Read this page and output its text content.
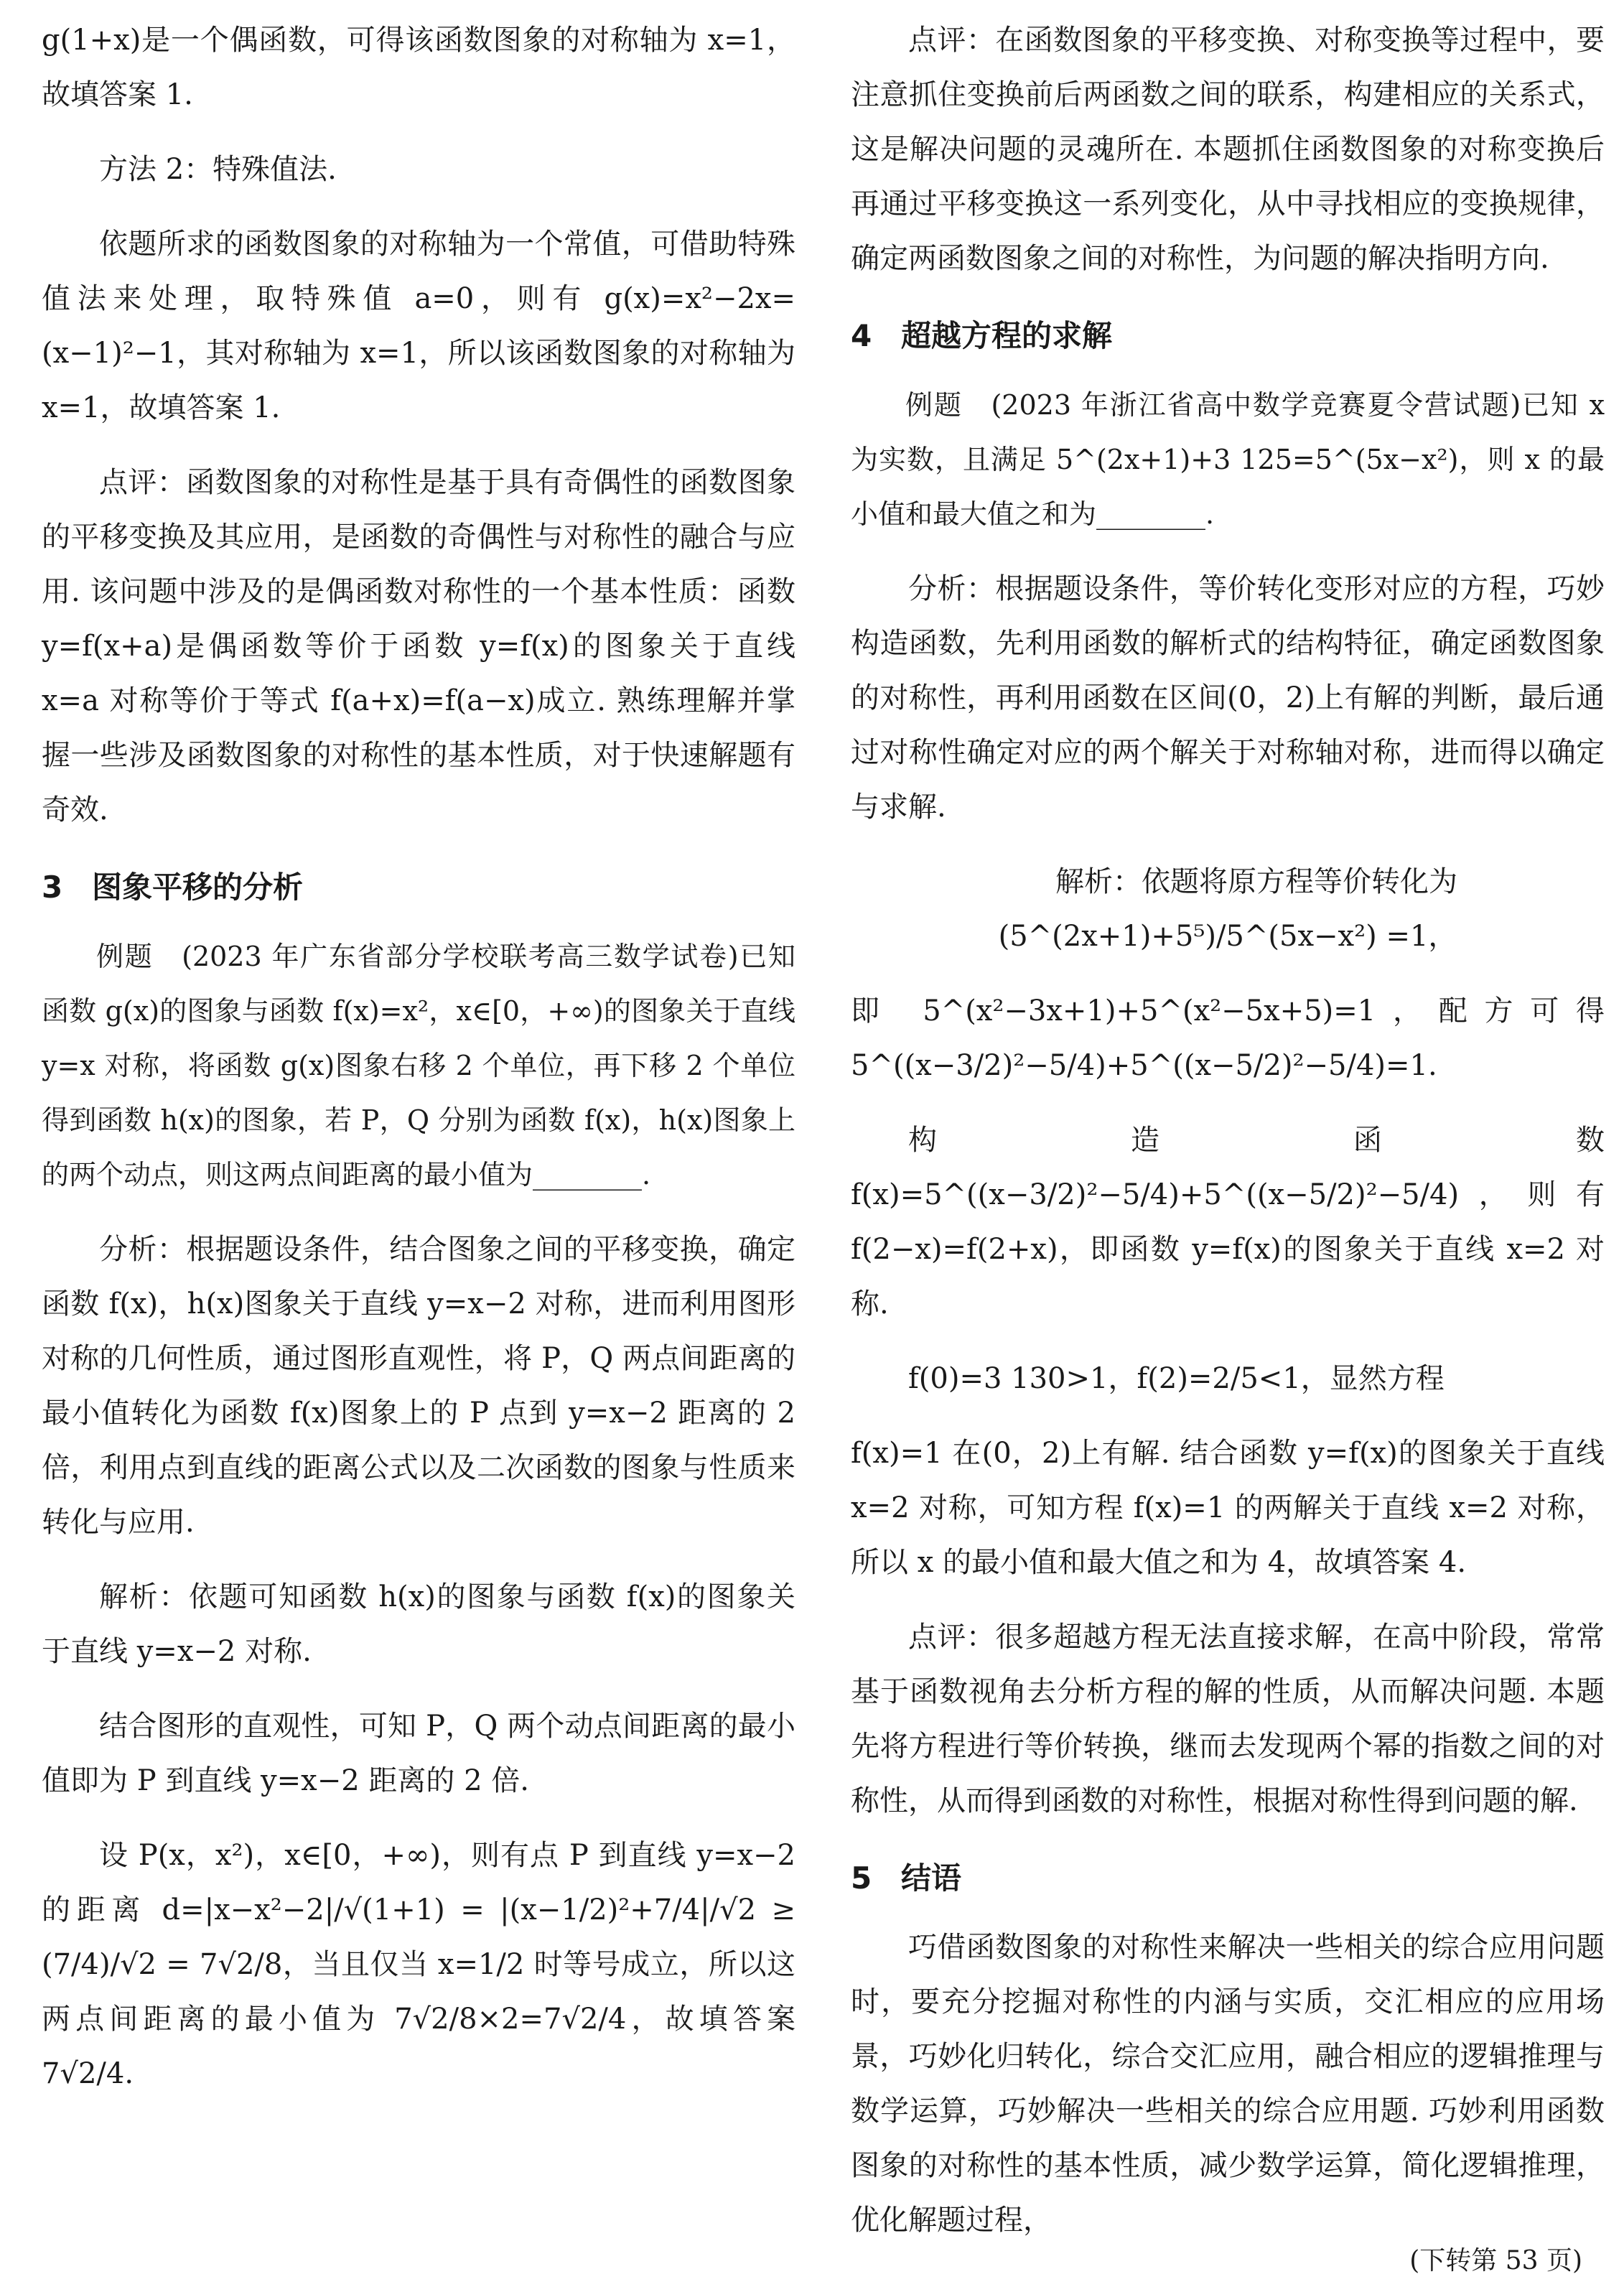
g(1+x)是一个偶函数，可得该函数图象的对称轴为 x=1，故填答案 1.

方法 2：特殊值法.

依题所求的函数图象的对称轴为一个常值，可借助特殊值法来处理，取特殊值 a=0，则有 g(x)=x²−2x=(x−1)²−1，其对称轴为 x=1，所以该函数图象的对称轴为 x=1，故填答案 1.

点评：函数图象的对称性是基于具有奇偶性的函数图象的平移变换及其应用，是函数的奇偶性与对称性的融合与应用. 该问题中涉及的是偶函数对称性的一个基本性质：函数 y=f(x+a)是偶函数等价于函数 y=f(x)的图象关于直线 x=a 对称等价于等式 f(a+x)=f(a−x)成立. 熟练理解并掌握一些涉及函数图象的对称性的基本性质，对于快速解题有奇效.

3 图象平移的分析

例题　(2023 年广东省部分学校联考高三数学试卷)已知函数 g(x)的图象与函数 f(x)=x²，x∈[0，+∞)的图象关于直线 y=x 对称，将函数 g(x)图象右移 2 个单位，再下移 2 个单位得到函数 h(x)的图象，若 P，Q 分别为函数 f(x)，h(x)图象上的两个动点，则这两点间距离的最小值为________.

分析：根据题设条件，结合图象之间的平移变换，确定函数 f(x)，h(x)图象关于直线 y=x−2 对称，进而利用图形对称的几何性质，通过图形直观性，将 P，Q 两点间距离的最小值转化为函数 f(x)图象上的 P 点到 y=x−2 距离的 2 倍，利用点到直线的距离公式以及二次函数的图象与性质来转化与应用.

解析：依题可知函数 h(x)的图象与函数 f(x)的图象关于直线 y=x−2 对称.

结合图形的直观性，可知 P，Q 两个动点间距离的最小值即为 P 到直线 y=x−2 距离的 2 倍.

设 P(x，x²)，x∈[0，+∞)，则有点 P 到直线 y=x−2 的距离 d=|x−x²−2|/√(1+1) = |(x−1/2)²+7/4|/√2 ≥ (7/4)/√2 = 7√2/8，当且仅当 x=1/2 时等号成立，所以这两点间距离的最小值为 7√2/8×2=7√2/4，故填答案 7√2/4.

点评：在函数图象的平移变换、对称变换等过程中，要注意抓住变换前后两函数之间的联系，构建相应的关系式，这是解决问题的灵魂所在. 本题抓住函数图象的对称变换后再通过平移变换这一系列变化，从中寻找相应的变换规律，确定两函数图象之间的对称性，为问题的解决指明方向.

4 超越方程的求解

例题　(2023 年浙江省高中数学竞赛夏令营试题)已知 x 为实数，且满足 5^(2x+1)+3 125=5^(5x−x²)，则 x 的最小值和最大值之和为________.

分析：根据题设条件，等价转化变形对应的方程，巧妙构造函数，先利用函数的解析式的结构特征，确定函数图象的对称性，再利用函数在区间(0，2)上有解的判断，最后通过对称性确定对应的两个解关于对称轴对称，进而得以确定与求解.

解析：依题将原方程等价转化为 (5^(2x+1)+5⁵)/5^(5x−x²) =1，

即 5^(x²−3x+1)+5^(x²−5x+5)=1，配方可得 5^((x−3/2)²−5/4)+5^((x−5/2)²−5/4)=1.

构造函数 f(x)=5^((x−3/2)²−5/4)+5^((x−5/2)²−5/4)，则有 f(2−x)=f(2+x)，即函数 y=f(x)的图象关于直线 x=2 对称.

f(0)=3 130>1，f(2)=2/5<1，显然方程

f(x)=1 在(0，2)上有解. 结合函数 y=f(x)的图象关于直线 x=2 对称，可知方程 f(x)=1 的两解关于直线 x=2 对称，所以 x 的最小值和最大值之和为 4，故填答案 4.

点评：很多超越方程无法直接求解，在高中阶段，常常基于函数视角去分析方程的解的性质，从而解决问题. 本题先将方程进行等价转换，继而去发现两个幂的指数之间的对称性，从而得到函数的对称性，根据对称性得到问题的解.

5 结语

巧借函数图象的对称性来解决一些相关的综合应用问题时，要充分挖掘对称性的内涵与实质，交汇相应的应用场景，巧妙化归转化，综合交汇应用，融合相应的逻辑推理与数学运算，巧妙解决一些相关的综合应用题. 巧妙利用函数图象的对称性的基本性质，减少数学运算，简化逻辑推理，优化解题过程，

(下转第 53 页)
